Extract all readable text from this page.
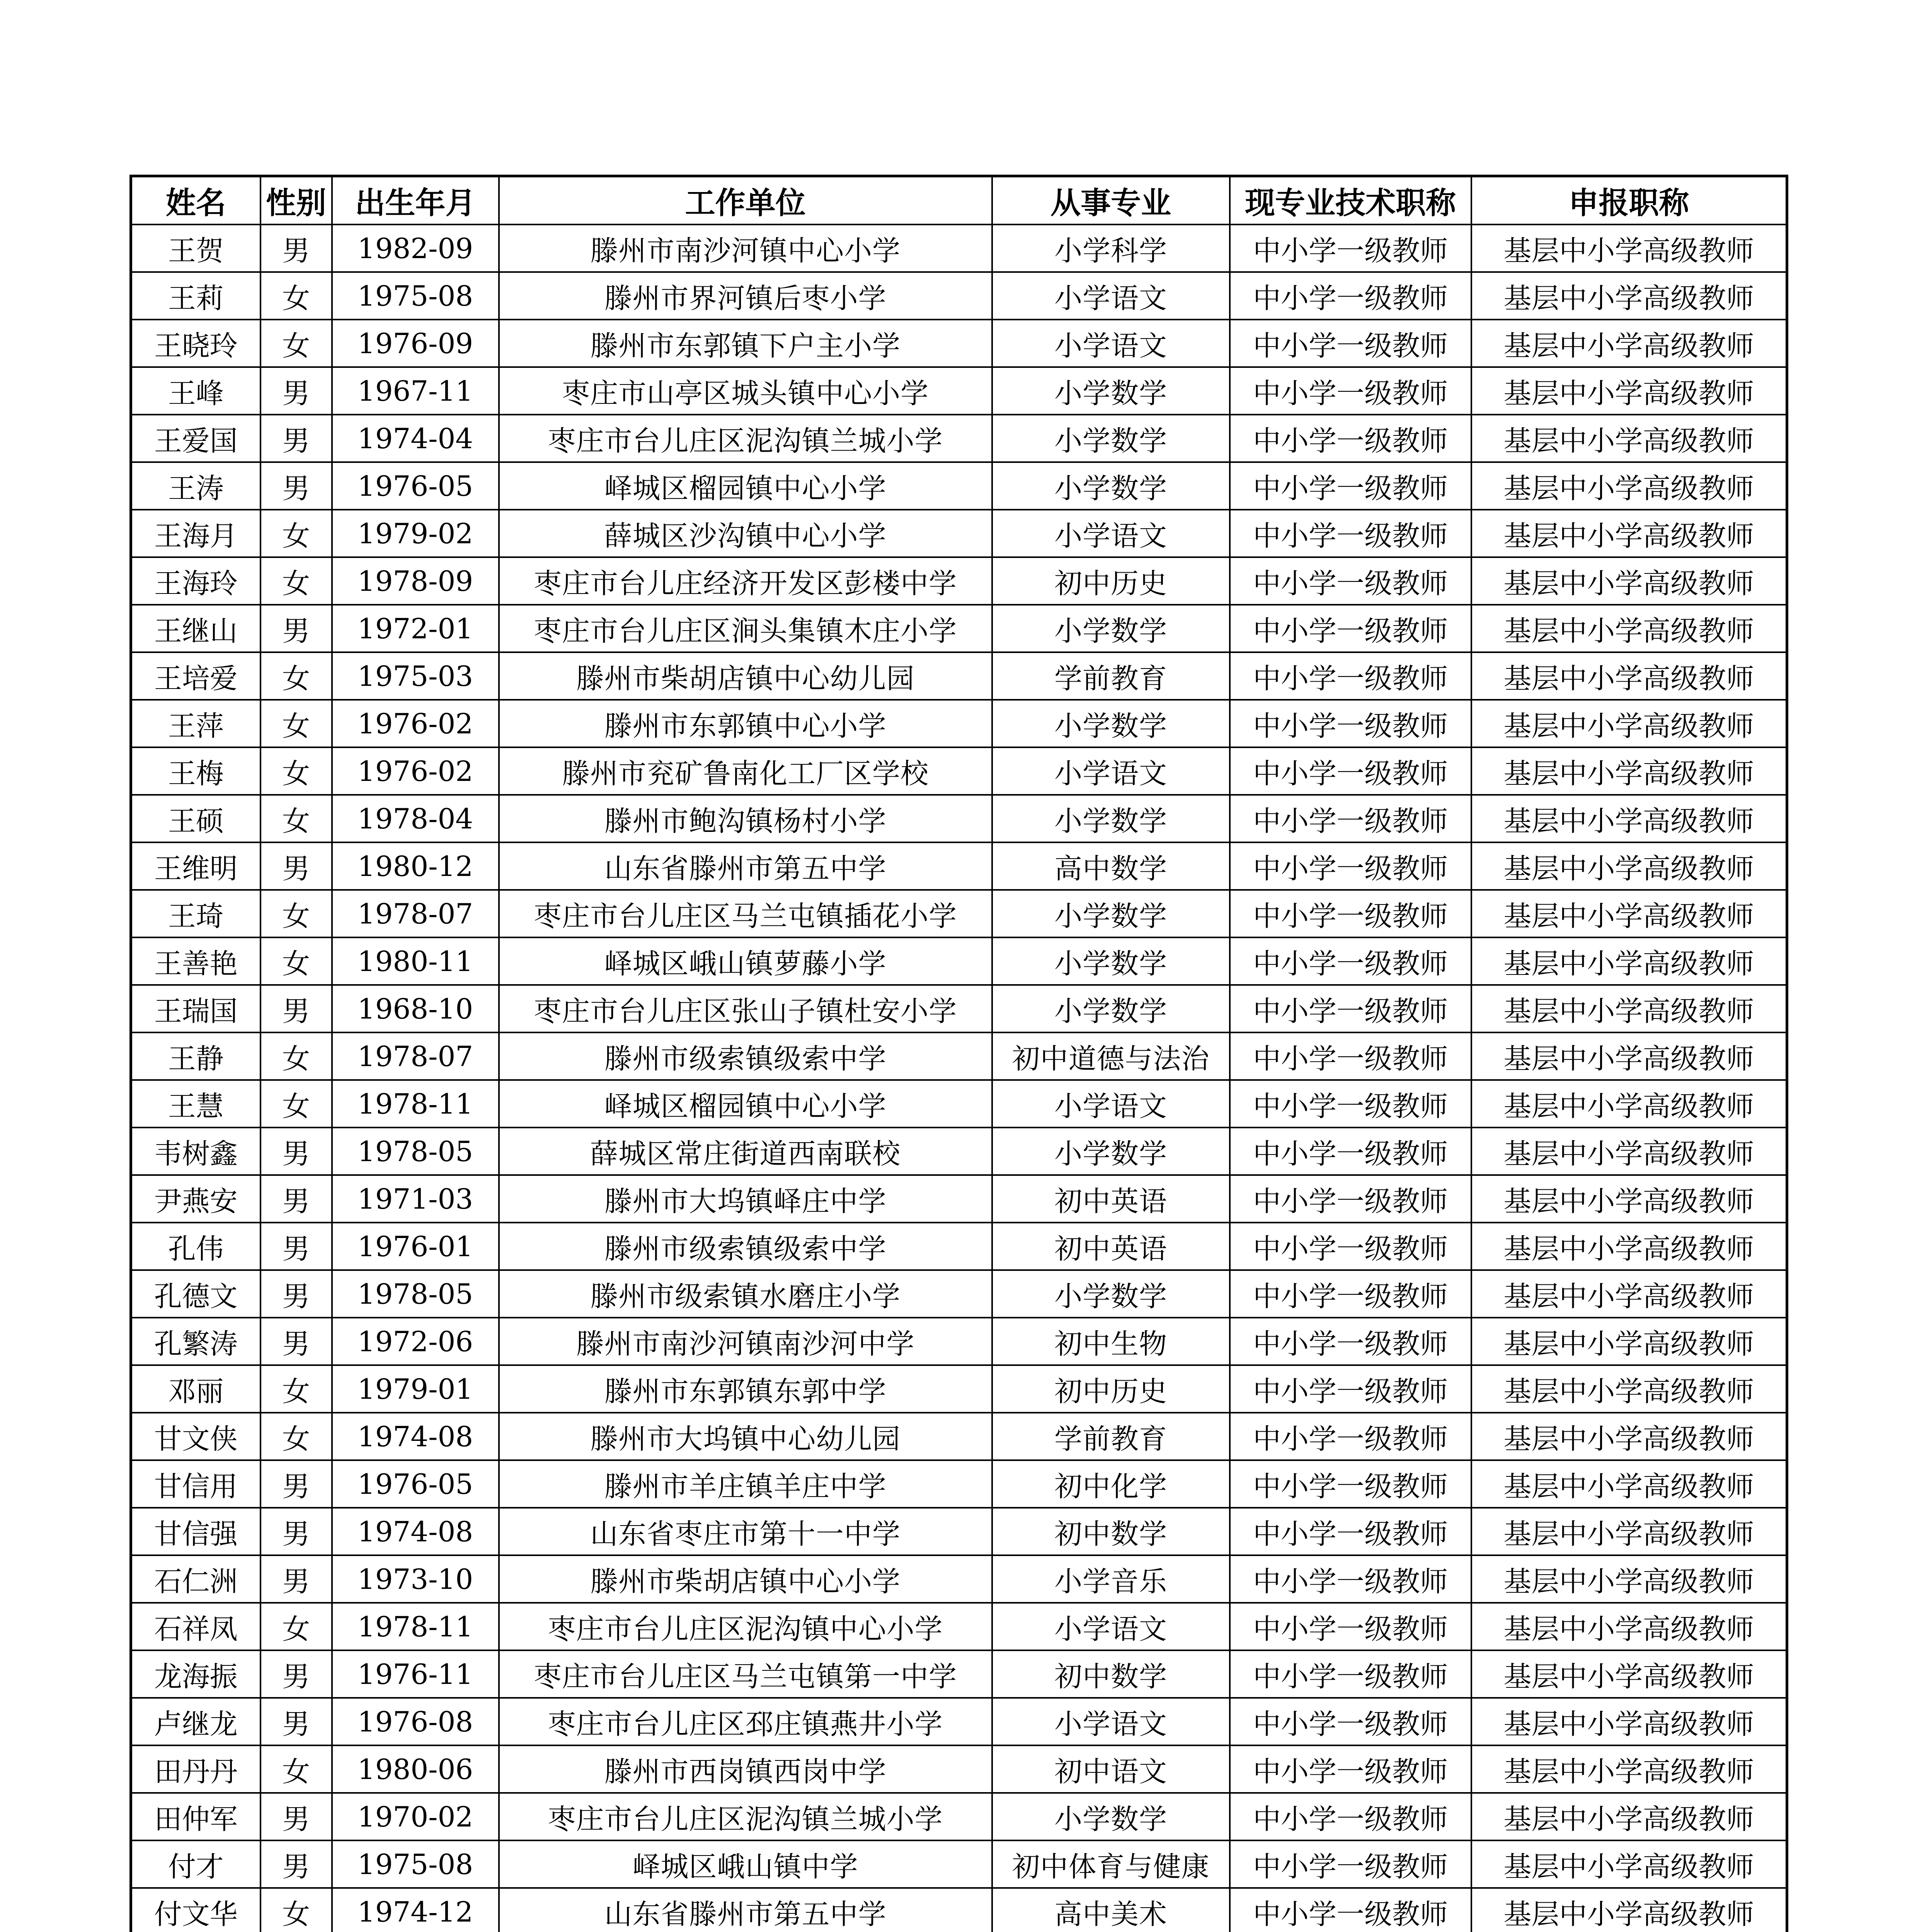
姓名	性别	出生年月	工作单位	从事专业	现专业技术职称	申报职称
王贺	男	1982-09	滕州市南沙河镇中心小学	小学科学	中小学一级教师	基层中小学高级教师
王莉	女	1975-08	滕州市界河镇后枣小学	小学语文	中小学一级教师	基层中小学高级教师
王晓玲	女	1976-09	滕州市东郭镇下户主小学	小学语文	中小学一级教师	基层中小学高级教师
王峰	男	1967-11	枣庄市山亭区城头镇中心小学	小学数学	中小学一级教师	基层中小学高级教师
王爱国	男	1974-04	枣庄市台儿庄区泥沟镇兰城小学	小学数学	中小学一级教师	基层中小学高级教师
王涛	男	1976-05	峄城区榴园镇中心小学	小学数学	中小学一级教师	基层中小学高级教师
王海月	女	1979-02	薛城区沙沟镇中心小学	小学语文	中小学一级教师	基层中小学高级教师
王海玲	女	1978-09	枣庄市台儿庄经济开发区彭楼中学	初中历史	中小学一级教师	基层中小学高级教师
王继山	男	1972-01	枣庄市台儿庄区涧头集镇木庄小学	小学数学	中小学一级教师	基层中小学高级教师
王培爱	女	1975-03	滕州市柴胡店镇中心幼儿园	学前教育	中小学一级教师	基层中小学高级教师
王萍	女	1976-02	滕州市东郭镇中心小学	小学数学	中小学一级教师	基层中小学高级教师
王梅	女	1976-02	滕州市兖矿鲁南化工厂区学校	小学语文	中小学一级教师	基层中小学高级教师
王硕	女	1978-04	滕州市鲍沟镇杨村小学	小学数学	中小学一级教师	基层中小学高级教师
王维明	男	1980-12	山东省滕州市第五中学	高中数学	中小学一级教师	基层中小学高级教师
王琦	女	1978-07	枣庄市台儿庄区马兰屯镇插花小学	小学数学	中小学一级教师	基层中小学高级教师
王善艳	女	1980-11	峄城区峨山镇萝藤小学	小学数学	中小学一级教师	基层中小学高级教师
王瑞国	男	1968-10	枣庄市台儿庄区张山子镇杜安小学	小学数学	中小学一级教师	基层中小学高级教师
王静	女	1978-07	滕州市级索镇级索中学	初中道德与法治	中小学一级教师	基层中小学高级教师
王慧	女	1978-11	峄城区榴园镇中心小学	小学语文	中小学一级教师	基层中小学高级教师
韦树鑫	男	1978-05	薛城区常庄街道西南联校	小学数学	中小学一级教师	基层中小学高级教师
尹燕安	男	1971-03	滕州市大坞镇峄庄中学	初中英语	中小学一级教师	基层中小学高级教师
孔伟	男	1976-01	滕州市级索镇级索中学	初中英语	中小学一级教师	基层中小学高级教师
孔德文	男	1978-05	滕州市级索镇水磨庄小学	小学数学	中小学一级教师	基层中小学高级教师
孔繁涛	男	1972-06	滕州市南沙河镇南沙河中学	初中生物	中小学一级教师	基层中小学高级教师
邓丽	女	1979-01	滕州市东郭镇东郭中学	初中历史	中小学一级教师	基层中小学高级教师
甘文侠	女	1974-08	滕州市大坞镇中心幼儿园	学前教育	中小学一级教师	基层中小学高级教师
甘信用	男	1976-05	滕州市羊庄镇羊庄中学	初中化学	中小学一级教师	基层中小学高级教师
甘信强	男	1974-08	山东省枣庄市第十一中学	初中数学	中小学一级教师	基层中小学高级教师
石仁洲	男	1973-10	滕州市柴胡店镇中心小学	小学音乐	中小学一级教师	基层中小学高级教师
石祥凤	女	1978-11	枣庄市台儿庄区泥沟镇中心小学	小学语文	中小学一级教师	基层中小学高级教师
龙海振	男	1976-11	枣庄市台儿庄区马兰屯镇第一中学	初中数学	中小学一级教师	基层中小学高级教师
卢继龙	男	1976-08	枣庄市台儿庄区邳庄镇燕井小学	小学语文	中小学一级教师	基层中小学高级教师
田丹丹	女	1980-06	滕州市西岗镇西岗中学	初中语文	中小学一级教师	基层中小学高级教师
田仲军	男	1970-02	枣庄市台儿庄区泥沟镇兰城小学	小学数学	中小学一级教师	基层中小学高级教师
付才	男	1975-08	峄城区峨山镇中学	初中体育与健康	中小学一级教师	基层中小学高级教师
付文华	女	1974-12	山东省滕州市第五中学	高中美术	中小学一级教师	基层中小学高级教师
